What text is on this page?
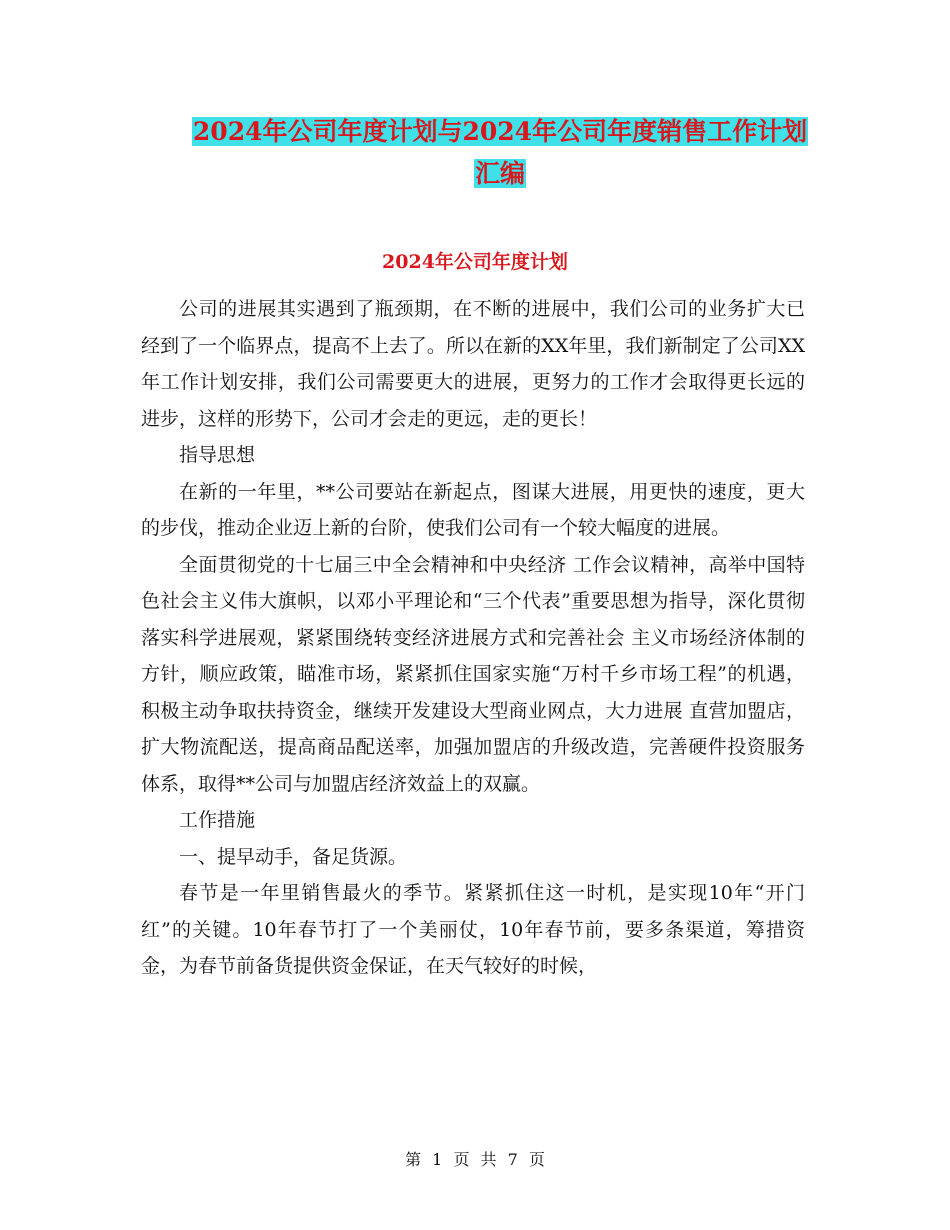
2024年公司年度计划与2024年公司年度销售工作计划
汇编
2024年公司年度计划

公司的进展其实遇到了瓶颈期，在不断的进展中，我们公司的业务扩大已经到了一个临界点，提高不上去了。所以在新的XX年里，我们新制定了公司XX年工作计划安排，我们公司需要更大的进展，更努力的工作才会取得更长远的进步，这样的形势下，公司才会走的更远，走的更长！

指导思想

在新的一年里，**公司要站在新起点，图谋大进展，用更快的速度，更大的步伐，推动企业迈上新的台阶，使我们公司有一个较大幅度的进展。

全面贯彻党的十七届三中全会精神和中央经济 工作会议精神，高举中国特色社会主义伟大旗帜，以邓小平理论和“三个代表”重要思想为指导，深化贯彻落实科学进展观，紧紧围绕转变经济进展方式和完善社会 主义市场经济体制的方针，顺应政策，瞄准市场，紧紧抓住国家实施“万村千乡市场工程”的机遇，积极主动争取扶持资金，继续开发建设大型商业网点，大力进展 直营加盟店，扩大物流配送，提高商品配送率，加强加盟店的升级改造，完善硬件投资服务体系，取得**公司与加盟店经济效益上的双赢。

工作措施

一、提早动手，备足货源。

春节是一年里销售最火的季节。紧紧抓住这一时机，是实现10年“开门红”的关键。10年春节打了一个美丽仗，10年春节前，要多条渠道，筹措资金，为春节前备货提供资金保证，在天气较好的时候，

第 1 页 共 7 页
